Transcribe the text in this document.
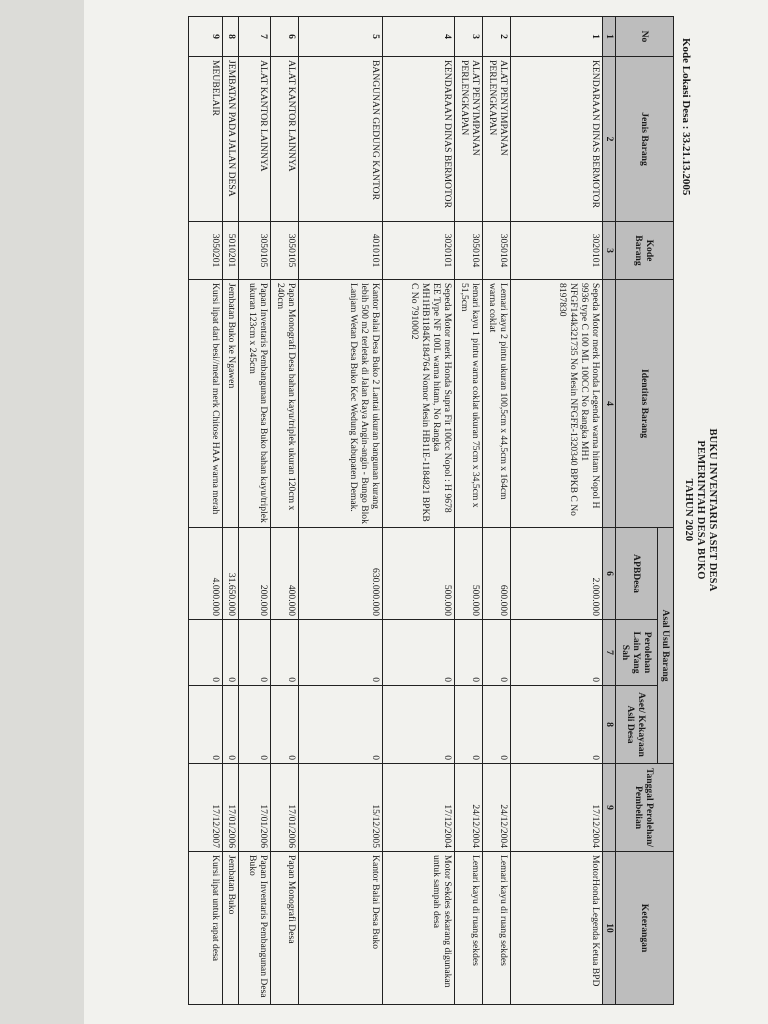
BUKU INVENTARIS ASET DESA
PEMERINTAH DESA BUKO
TAHUN 2020
Kode Lokasi Desa : 33.21.13.2005
No	Jenis Barang	Kode Barang	Identitas Barang	Asal Usul Barang			Tanggal Perolehan/ Pembelian	Keterangan
				APBDesa	Perolehan Lain Yang Sah	Aset/ Kekayaan Asli Desa		
1	2	3	4	6	7	8	9	10
1	KENDARAAN DINAS BERMOTOR	3020101	Sepeda Motor merk Honda Legenda warna hitam Nopol H 9936 type C 100 ML 100CC No Rangka MH1 NFGF144k321735 No Mesin NFGFE-1320340 BPKB C No 8197830	2.000.000	0	0	17/12/2004	MotorHonda Legenda Ketua BPD
2	ALAT PENYIMPANAN PERLENGKAPAN	3050104	Lemari kayu 2 pintu ukuran 100,5cm x 44,5cm x 164cm warna coklat	600.000	0	0	24/12/2004	Lemari kayu di ruang sekdes
3	ALAT PENYIMPANAN PERLENGKAPAN	3050104	lemari kayu 1 pintu warna coklat ukuran 75cm x 34,5cm x 51,5cm	500.000	0	0	24/12/2004	Lemari kayu di ruang sekdes
4	KENDARAAN DINAS BERMOTOR	3020101	Sepeda Motor merk Honda Supra Fit 100cc Nopol : H 9678 EE Type NF 100L warna hitam, No Rangka MH1HB1184K184764 Nomor Mesin HB11E-1184821 BPKB C No 7910002	500.000	0	0	17/12/2004	Motor Sekdes sekarang digunakan untuk sampah desa
5	BANGUNAN GEDUNG KANTOR	4010101	Kantor Balai Desa Buko 2 Lantai ukuran bangunan kurang lebih 500 m2 terletak di Jalan Raya Angin-angin - Bungo Blok Lanjam Wetan Desa Buko Kec Wedung Kabupaten Demak.	630.000.000	0	0	15/12/2005	Kantor Balai Desa Buko
6	ALAT KANTOR LAINNYA	3050105	Papan Monografi Desa bahan kayu/triplek ukuran 120cm x 240cm	400.000	0	0	17/01/2006	Papan Monografi Desa
7	ALAT KANTOR LAINNYA	3050105	Papan Inventaris Pembangunan Desa Buko bahan kayu/triplek ukuran 123cm x 245cm	200.000	0	0	17/01/2006	Papan Inventaris Pembangunan Desa Buko
8	JEMBATAN PADA JALAN DESA	5010201	Jembatan Buko ke Ngawen	31.650.000	0	0	17/01/2006	Jembatan Buko
9	MEUBELAIR	3050201	Kursi lipat dari besi//metal merk Chitose HAA warna merah	4.000.000	0	0	17/12/2007	Kursi lipat untuk rapat desa
